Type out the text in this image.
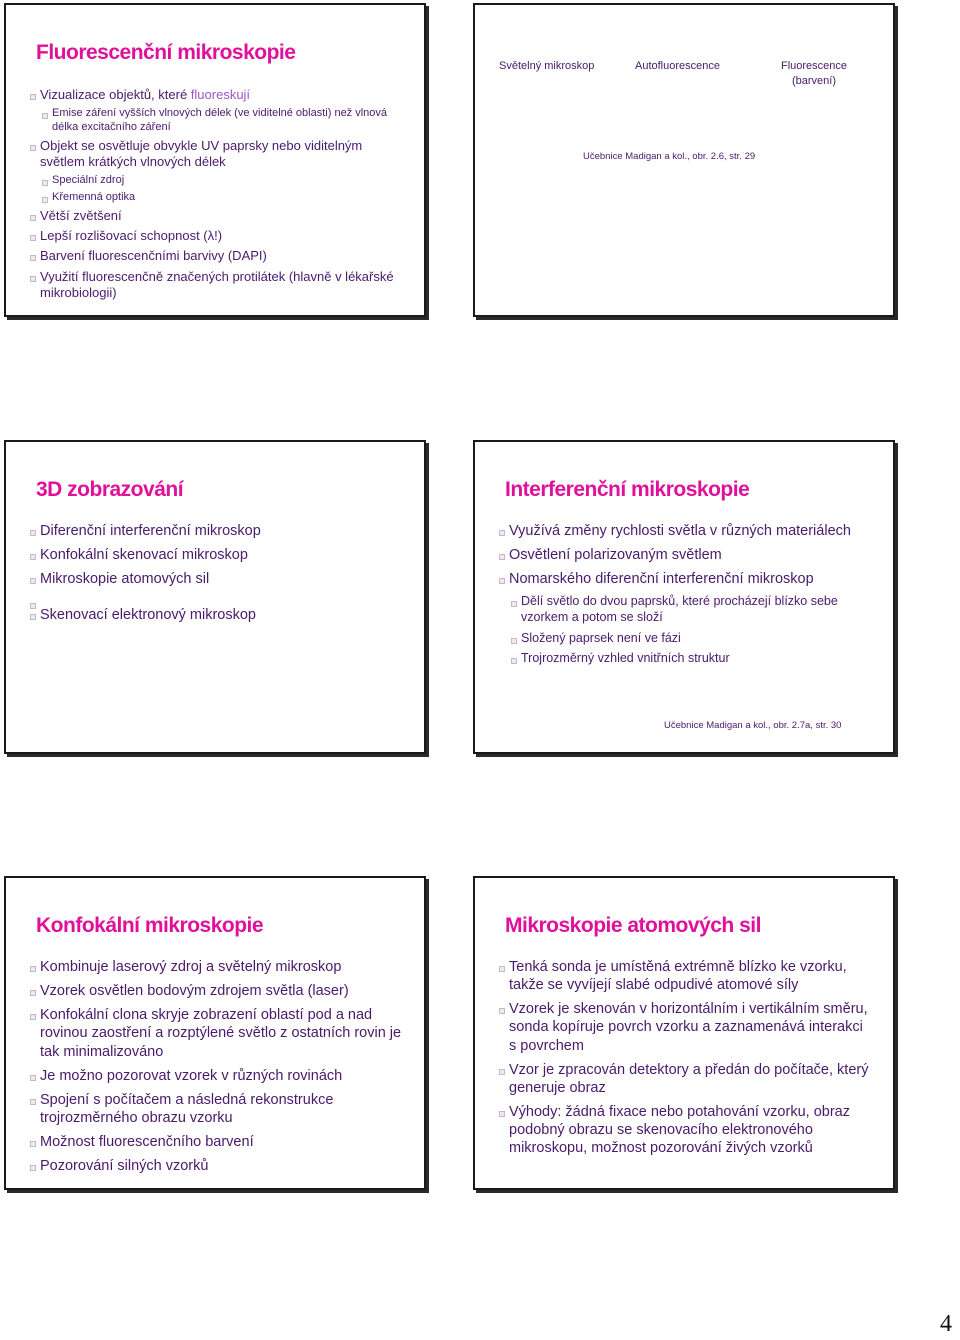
Fluorescenční mikroskopie
Vizualizace objektů, které fluoreskují
Emise záření vyšších vlnových délek (ve viditelné oblasti) než vlnová délka excitačního záření
Objekt se osvětluje obvykle UV paprsky nebo viditelným světlem krátkých vlnových délek
Speciální zdroj
Křemenná optika
Větší zvětšení
Lepší rozlišovací schopnost (λ!)
Barvení fluorescenčními barvivy (DAPI)
Využití fluorescenčně značených protilátek (hlavně v lékařské mikrobiologii)
Světelný mikroskop	Autofluorescence	Fluorescence
(barvení)
Učebnice Madigan a kol., obr. 2.6, str. 29
3D zobrazování
Diferenční interferenční mikroskop
Konfokální skenovací mikroskop
Mikroskopie atomových sil
Skenovací elektronový mikroskop
Interferenční mikroskopie
Využívá změny rychlosti světla v různých materiálech
Osvětlení polarizovaným světlem
Nomarského diferenční interferenční mikroskop
Dělí světlo do dvou paprsků, které procházejí blízko sebe vzorkem a potom se složí
Složený paprsek není ve fázi
Trojrozměrný vzhled vnitřních struktur
Učebnice Madigan a kol., obr. 2.7a, str. 30
Konfokální mikroskopie
Kombinuje laserový zdroj a světelný mikroskop
Vzorek osvětlen bodovým zdrojem světla (laser)
Konfokální clona skryje zobrazení oblastí pod a nad rovinou zaostření a rozptýlené světlo z ostatních rovin je tak minimalizováno
Je možno pozorovat vzorek v různých rovinách
Spojení s počítačem a následná rekonstrukce trojrozměrného obrazu vzorku
Možnost fluorescenčního barvení
Pozorování silných vzorků
Mikroskopie atomových sil
Tenká sonda je umístěná extrémně blízko ke vzorku, takže se vyvíjejí slabé odpudivé atomové síly
Vzorek je skenován v horizontálním i vertikálním směru, sonda kopíruje povrch vzorku a zaznamenává interakci s povrchem
Vzor je zpracován detektory a předán do počítače, který generuje obraz
Výhody: žádná fixace nebo potahování vzorku, obraz podobný obrazu se skenovacího elektronového mikroskopu, možnost pozorování živých vzorků
4
